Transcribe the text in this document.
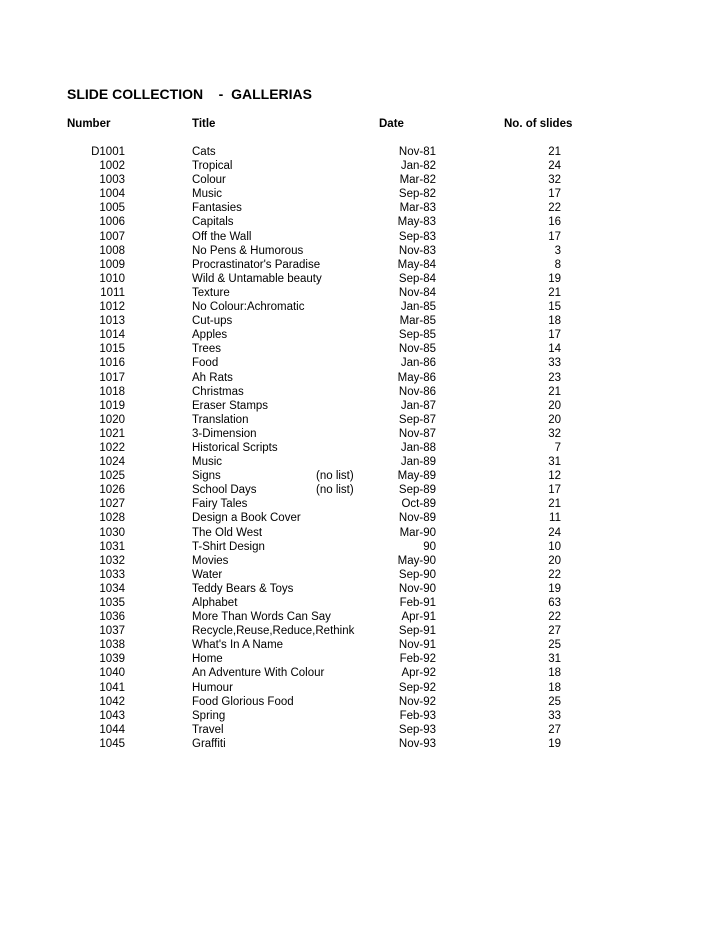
SLIDE COLLECTION    -  GALLERIAS
Number	Title	Date	No. of slides
D1001	Cats	Nov-81	21
1002	Tropical	Jan-82	24
1003	Colour	Mar-82	32
1004	Music	Sep-82	17
1005	Fantasies	Mar-83	22
1006	Capitals	May-83	16
1007	Off the Wall	Sep-83	17
1008	No Pens & Humorous	Nov-83	3
1009	Procrastinator's Paradise	May-84	8
1010	Wild & Untamable beauty	Sep-84	19
1011	Texture	Nov-84	21
1012	No Colour:Achromatic	Jan-85	15
1013	Cut-ups	Mar-85	18
1014	Apples	Sep-85	17
1015	Trees	Nov-85	14
1016	Food	Jan-86	33
1017	Ah Rats	May-86	23
1018	Christmas	Nov-86	21
1019	Eraser Stamps	Jan-87	20
1020	Translation	Sep-87	20
1021	3-Dimension	Nov-87	32
1022	Historical Scripts	Jan-88	7
1024	Music	Jan-89	31
1025	Signs	(no list)	May-89	12
1026	School Days	(no list)	Sep-89	17
1027	Fairy Tales	Oct-89	21
1028	Design a Book Cover	Nov-89	11
1030	The Old West	Mar-90	24
1031	T-Shirt Design	90	10
1032	Movies	May-90	20
1033	Water	Sep-90	22
1034	Teddy Bears & Toys	Nov-90	19
1035	Alphabet	Feb-91	63
1036	More Than Words Can Say	Apr-91	22
1037	Recycle,Reuse,Reduce,Rethink	Sep-91	27
1038	What's In A Name	Nov-91	25
1039	Home	Feb-92	31
1040	An Adventure With Colour	Apr-92	18
1041	Humour	Sep-92	18
1042	Food Glorious Food	Nov-92	25
1043	Spring	Feb-93	33
1044	Travel	Sep-93	27
1045	Graffiti	Nov-93	19
